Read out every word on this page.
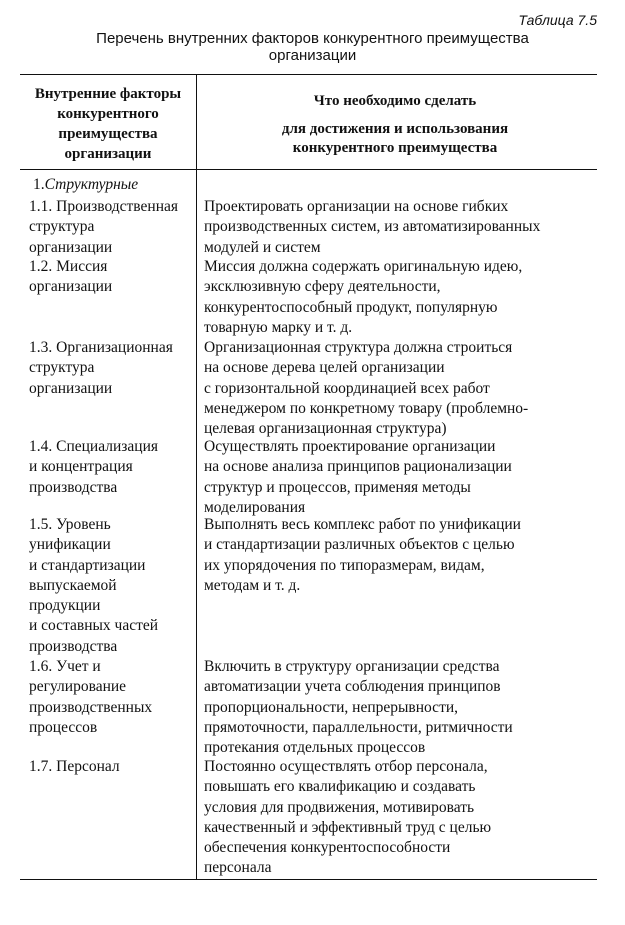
Таблица 7.5
Перечень внутренних факторов конкурентного преимущества
организации
Внутренние факторы
конкурентного
преимущества
организации
Что необходимо сделать
для достижения и использования
конкурентного преимущества
1.Структурные
1.1. Производственная
структура
организации
Проектировать организации на основе гибких
производственных систем, из автоматизированных
модулей и систем
1.2. Миссия
организации
Миссия должна содержать оригинальную идею,
эксклюзивную сферу деятельности,
конкурентоспособный продукт, популярную
товарную марку и т. д.
1.3. Организационная
структура
организации
Организационная структура должна строиться
на основе дерева целей организации
с горизонтальной координацией всех работ
менеджером по конкретному товару (проблемно-
целевая организационная структура)
1.4. Специализация
и концентрация
производства
Осуществлять проектирование организации
на основе анализа принципов рационализации
структур и процессов, применяя методы
моделирования
1.5. Уровень
унификации
и стандартизации
выпускаемой
продукции
и составных частей
производства
Выполнять весь комплекс работ по унификации
и стандартизации различных объектов с целью
их упорядочения по типоразмерам, видам,
методам и т. д.
1.6. Учет и
регулирование
производственных
процессов
Включить в структуру организации средства
автоматизации учета соблюдения принципов
пропорциональности, непрерывности,
прямоточности, параллельности, ритмичности
протекания отдельных процессов
1.7. Персонал	Постоянно осуществлять отбор персонала,
повышать его квалификацию и создавать
условия для продвижения, мотивировать
качественный и эффективный труд с целью
обеспечения конкурентоспособности
персонала
